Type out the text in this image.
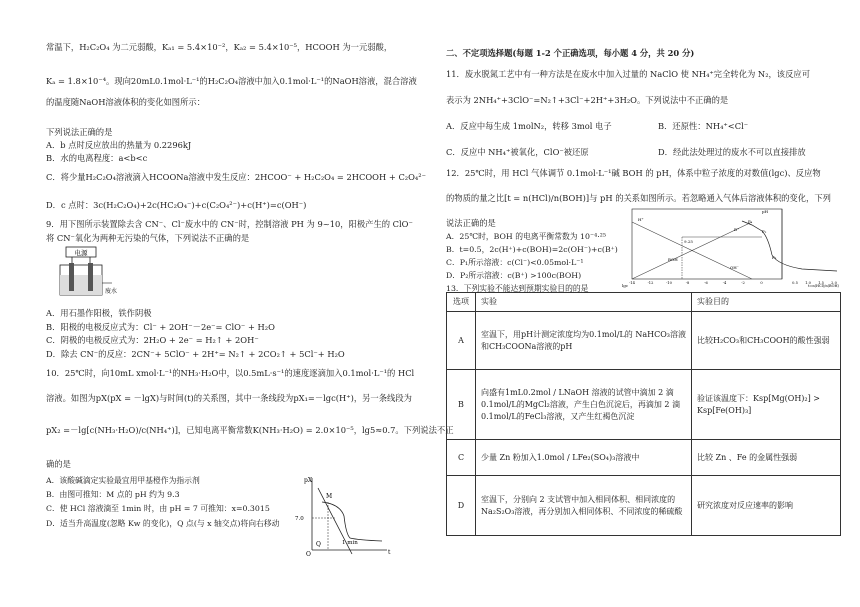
常温下，H₂C₂O₄ 为二元弱酸，Kₐ₁ = 5.4×10⁻²，Kₐ₂ = 5.4×10⁻⁵，HCOOH 为一元弱酸，
Kₐ = 1.8×10⁻⁴。现向20mL0.1mol·L⁻¹的H₂C₂O₄溶液中加入0.1mol·L⁻¹的NaOH溶液，混合溶液
的温度随NaOH溶液体积的变化如图所示：
下列说法正确的是
A．b 点时反应放出的热量为 0.2296kJ
B．水的电离程度：a<b<c
C．将少量H₂C₂O₄溶液滴入HCOONa溶液中发生反应：2HCOO⁻ + H₂C₂O₄ = 2HCOOH + C₂O₄²⁻
D．c 点时：3c(H₂C₂O₄)+2c(HC₂O₄⁻)+c(C₂O₄²⁻)+c(H⁺)=c(OH⁻)
9．用下图所示装置除去含 CN⁻、Cl⁻废水中的 CN⁻时，控制溶液 PH 为 9~10，阳极产生的 ClO⁻
将 CN⁻氧化为两种无污染的气体，下列说法不正确的是
电源
废水
A．用石墨作阳极，铁作阴极
B．阳极的电极反应式为：Cl⁻ + 2OH⁻－2e⁻= ClO⁻ + H₂O
C．阴极的电极反应式为：2H₂O + 2e⁻ = H₂↑ + 2OH⁻
D．除去 CN⁻的反应：2CN⁻+ 5ClO⁻ + 2H⁺= N₂↑ + 2CO₂↑ + 5Cl⁻+ H₂O
10．25℃时，向10mL xmol·L⁻¹的NH₃·H₂O中，以0.5mL·s⁻¹的速度逐滴加入0.1mol·L⁻¹的 HCl
溶液。如图为pX(pX = －lgX)与时间(t)的关系图，其中一条线段为pX₁=－lgc(H⁺)，另一条线段为
pX₂ =－lg[c(NH₃·H₂O)/c(NH₄⁺)]，已知电离平衡常数K(NH₃·H₂O) = 2.0×10⁻⁵，lg5≈0.7。下列说法不正
确的是
A．该酸碱滴定实验最宜用甲基橙作为指示剂
B．由图可推知：M 点的 pH 约为 9.3
C．使 HCl 溶液滴至 1min 时，由 pH = 7 可推知：x=0.3015
D．适当升高温度(忽略 Kw 的变化)，Q 点(与 x 轴交点)将向右移动
pX
t
M
7.0
Q
O
1 min
二、不定项选择题(每题 1-2 个正确选项，每小题 4 分，共 20 分)
11．废水脱氮工艺中有一种方法是在废水中加入过量的 NaClO 使 NH₄⁺完全转化为 N₂，该反应可
表示为 2NH₄⁺+3ClO⁻=N₂↑+3Cl⁻+2H⁺+3H₂O。下列说法中不正确的是
A．反应中每生成 1molN₂，转移 3mol 电子	B．还原性：NH₄⁺<Cl⁻
C．反应中 NH₄⁺被氧化，ClO⁻被还原	D．经此法处理过的废水不可以直接排放
12．25℃时，用 HCl 气体调节 0.1mol·L⁻¹碱 BOH 的 pH，体系中粒子浓度的对数值(lgc)、反应物
的物质的量之比[t = n(HCl)/n(BOH)]与 pH 的关系如图所示。若忽略通入气体后溶液体积的变化，下列
说法正确的是
A．25℃时，BOH 的电离平衡常数为 10⁻⁴·²⁵
B．t=0.5，2c(H⁺)+c(BOH)=2c(OH⁻)+c(B⁺)
C．P₁所示溶液：c(Cl⁻)<0.05mol·L⁻¹
D．P₂所示溶液：c(B⁺) >100c(BOH)
13．下列实验不能达到预期实验目的的是
pH
P₁
P₂
P₃
B⁺
BOH
H⁺
OH⁻
9.25
lgc	t=n(HCl)/n(BOH)
-14	-12	-10	-8	-6	-4	-2	0	0.5 1.0 1.5 2.0
选项	实验	实验目的
A	室温下，用pH计测定浓度均为0.1mol/L的 NaHCO₃溶液和CH₃COONa溶液的pH	比较H₂CO₃和CH₃COOH的酸性强弱
B	向盛有1mL0.2mol / LNaOH 溶液的试管中滴加 2 滴0.1mol/L的MgCl₂溶液，产生白色沉淀后，再滴加 2 滴0.1mol/L的FeCl₃溶液，又产生红褐色沉淀	验证该温度下：Ksp[Mg(OH)₂] > Ksp[Fe(OH)₃]
C	少量 Zn 粉加入1.0mol / LFe₂(SO₄)₃溶液中	比较 Zn 、Fe 的金属性强弱
D	室温下，分别向 2 支试管中加入相同体积、相同浓度的Na₂S₂O₃溶液，再分别加入相同体积、不同浓度的稀硫酸	研究浓度对反应速率的影响
